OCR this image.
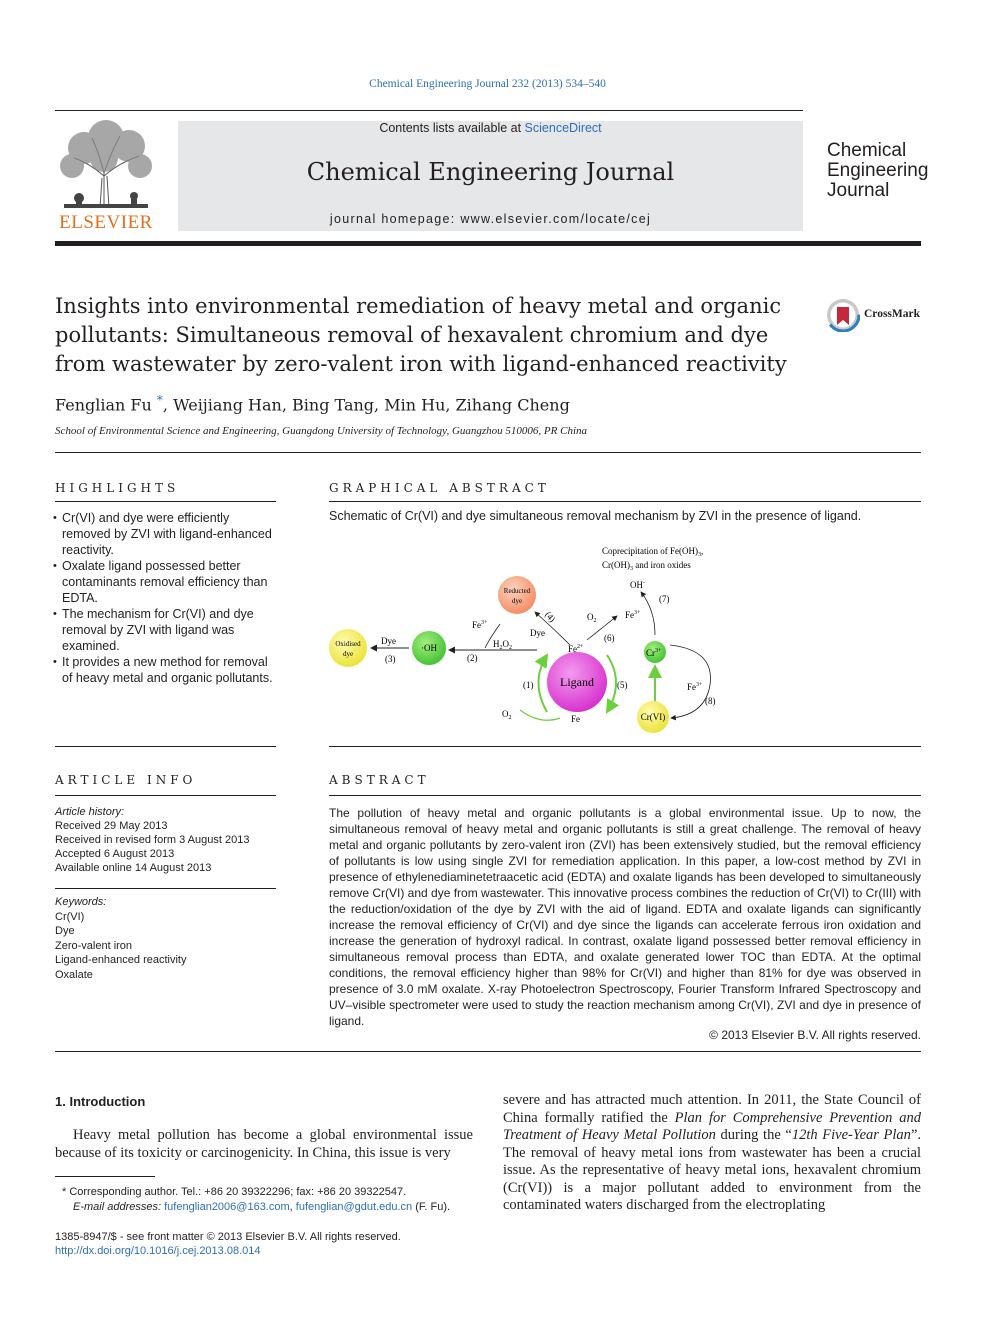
Chemical Engineering Journal 232 (2013) 534–540
ELSEVIER
Contents lists available at ScienceDirect
Chemical Engineering Journal
journal homepage: www.elsevier.com/locate/cej
Chemical
Engineering
Journal
Insights into environmental remediation of heavy metal and organic
pollutants: Simultaneous removal of hexavalent chromium and dye
from wastewater by zero-valent iron with ligand-enhanced reactivity
CrossMark
Fenglian Fu *, Weijiang Han, Bing Tang, Min Hu, Zihang Cheng
School of Environmental Science and Engineering, Guangdong University of Technology, Guangzhou 510006, PR China
HIGHLIGHTS
• Cr(VI) and dye were efficiently removed by ZVI with ligand-enhanced reactivity.
• Oxalate ligand possessed better contaminants removal efficiency than EDTA.
• The mechanism for Cr(VI) and dye removal by ZVI with ligand was examined.
• It provides a new method for removal of heavy metal and organic pollutants.
GRAPHICAL ABSTRACT
Schematic of Cr(VI) and dye simultaneous removal mechanism by ZVI in the presence of ligand.
Coprecipitation of $Fe(OH)_3$,
$Cr(OH)_3$ and iron oxides
OH-
$Fe^{3+}$
$O_2$
(7)
(6)
(4)
Reducted
dye
Oxidised
dye
·OH
Dye
(3)
$H_2O_2$
(2)
$Fe^{3+}$
Dye
Ligand
$Fe^{2+}$
Fe
$O_2$
(1)	(5)
$Cr^{3+}$
Cr(VI)
$Fe^{3+}$
(8)
ARTICLE INFO
Article history:
Received 29 May 2013
Received in revised form 3 August 2013
Accepted 6 August 2013
Available online 14 August 2013
Keywords:
Cr(VI)
Dye
Zero-valent iron
Ligand-enhanced reactivity
Oxalate
ABSTRACT
The pollution of heavy metal and organic pollutants is a global environmental issue. Up to now, the simultaneous removal of heavy metal and organic pollutants is still a great challenge. The removal of heavy metal and organic pollutants by zero-valent iron (ZVI) has been extensively studied, but the removal efficiency of pollutants is low using single ZVI for remediation application. In this paper, a low-cost method by ZVI in presence of ethylenediaminetetraacetic acid (EDTA) and oxalate ligands has been developed to simultaneously remove Cr(VI) and dye from wastewater. This innovative process combines the reduction of Cr(VI) to Cr(III) with the reduction/oxidation of the dye by ZVI with the aid of ligand. EDTA and oxalate ligands can significantly increase the removal efficiency of Cr(VI) and dye since the ligands can accelerate ferrous iron oxidation and increase the generation of hydroxyl radical. In contrast, oxalate ligand possessed better removal efficiency in simultaneous removal process than EDTA, and oxalate generated lower TOC than EDTA. At the optimal conditions, the removal efficiency higher than 98% for Cr(VI) and higher than 81% for dye was observed in presence of 3.0 mM oxalate. X-ray Photoelectron Spectroscopy, Fourier Transform Infrared Spectroscopy and UV–visible spectrometer were used to study the reaction mechanism among Cr(VI), ZVI and dye in presence of ligand.
© 2013 Elsevier B.V. All rights reserved.
1. Introduction

Heavy metal pollution has become a global environmental issue because of its toxicity or carcinogenicity. In China, this issue is very

severe and has attracted much attention. In 2011, the State Council of China formally ratified the Plan for Comprehensive Prevention and Treatment of Heavy Metal Pollution during the “12th Five-Year Plan”. The removal of heavy metal ions from wastewater has been a crucial issue. As the representative of heavy metal ions, hexavalent chromium (Cr(VI)) is a major pollutant added to environment from the contaminated waters discharged from the electroplating

* Corresponding author. Tel.: +86 20 39322296; fax: +86 20 39322547.
E-mail addresses: fufenglian2006@163.com, fufenglian@gdut.edu.cn (F. Fu).
1385-8947/$ - see front matter © 2013 Elsevier B.V. All rights reserved.
http://dx.doi.org/10.1016/j.cej.2013.08.014
